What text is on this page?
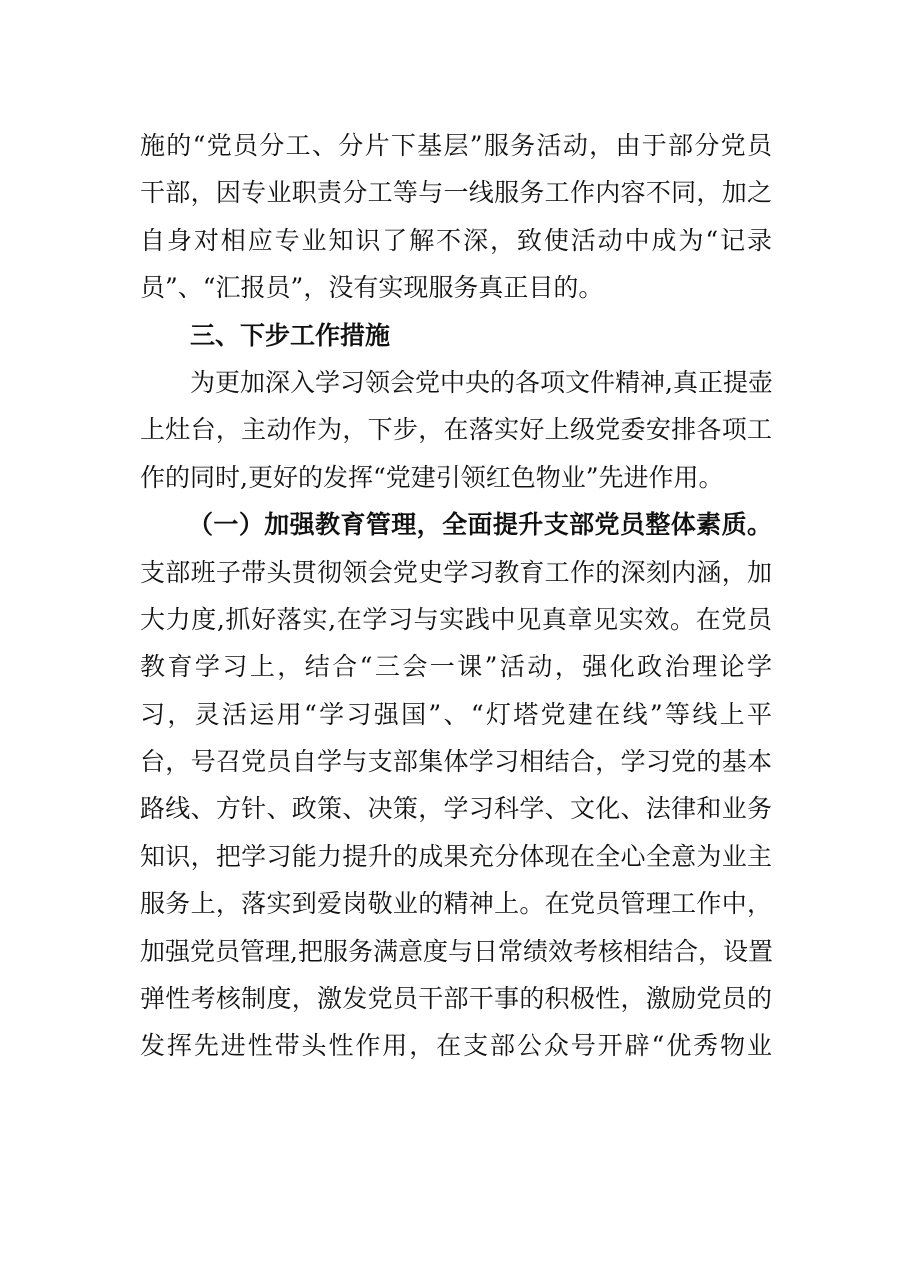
施的“党员分工、分片下基层”服务活动，由于部分党员
干部，因专业职责分工等与一线服务工作内容不同，加之
自身对相应专业知识了解不深，致使活动中成为“记录
员”、“汇报员”，没有实现服务真正目的。
三、下步工作措施
为更加深入学习领会党中央的各项文件精神,真正提壶
上灶台，主动作为，下步，在落实好上级党委安排各项工
作的同时,更好的发挥“党建引领红色物业”先进作用。
（一）加强教育管理，全面提升支部党员整体素质。
支部班子带头贯彻领会党史学习教育工作的深刻内涵，加
大力度,抓好落实,在学习与实践中见真章见实效。在党员
教育学习上，结合“三会一课”活动，强化政治理论学
习，灵活运用“学习强国”、“灯塔党建在线”等线上平
台，号召党员自学与支部集体学习相结合，学习党的基本
路线、方针、政策、决策，学习科学、文化、法律和业务
知识，把学习能力提升的成果充分体现在全心全意为业主
服务上，落实到爱岗敬业的精神上。在党员管理工作中，
加强党员管理,把服务满意度与日常绩效考核相结合，设置
弹性考核制度，激发党员干部干事的积极性，激励党员的
发挥先进性带头性作用，在支部公众号开辟“优秀物业
